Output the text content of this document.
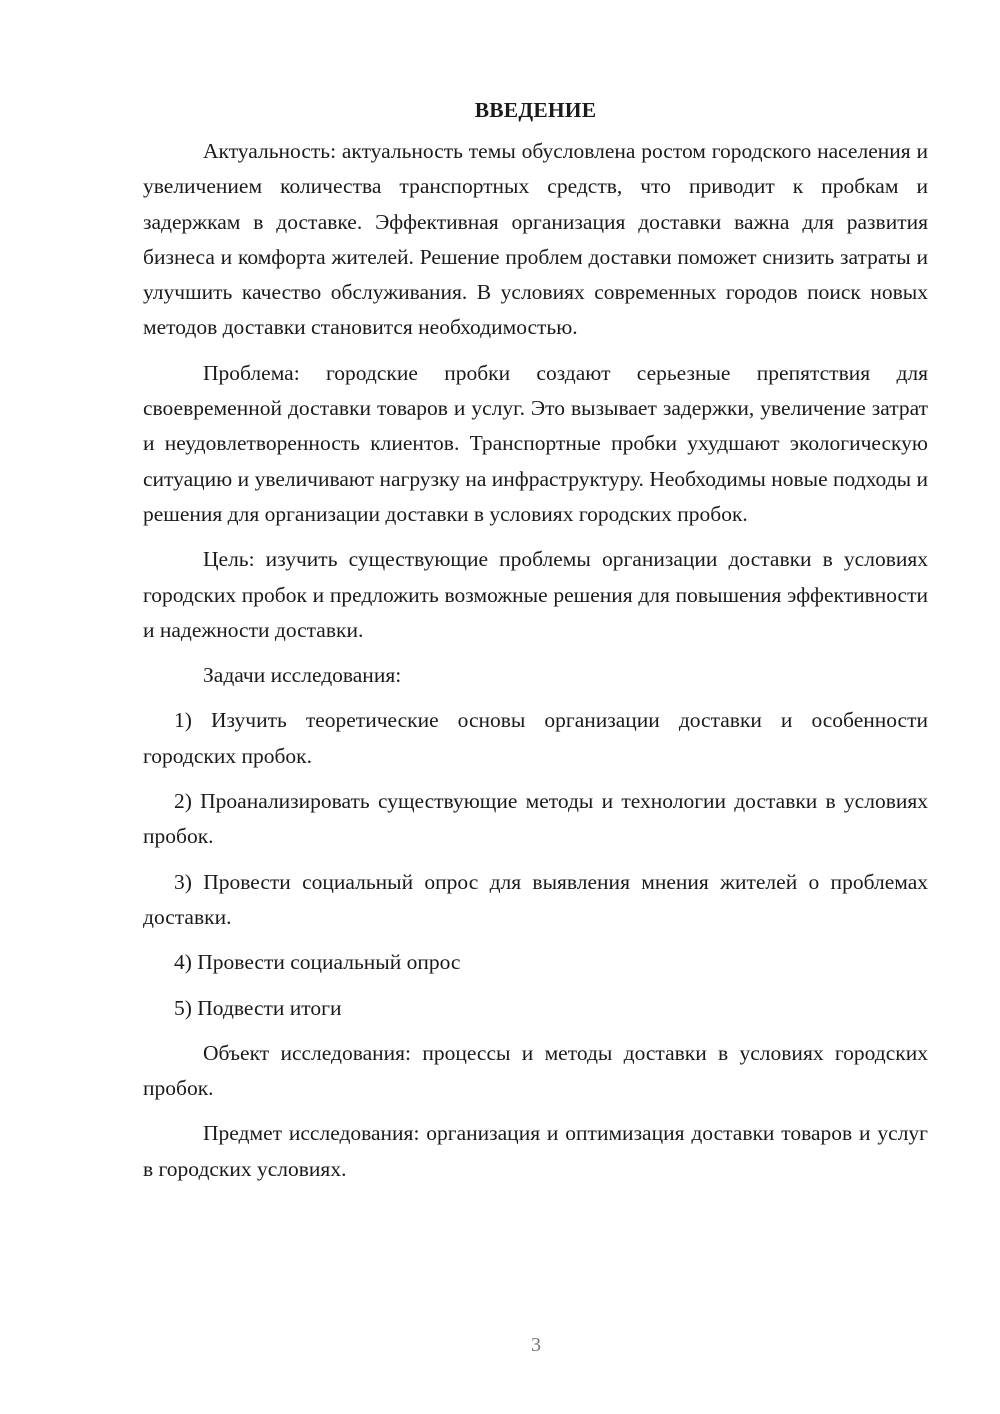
ВВЕДЕНИЕ

Актуальность: актуальность темы обусловлена ростом городского населения и увеличением количества транспортных средств, что приводит к пробкам и задержкам в доставке. Эффективная организация доставки важна для развития бизнеса и комфорта жителей. Решение проблем доставки поможет снизить затраты и улучшить качество обслуживания. В условиях современных городов поиск новых методов доставки становится необходимостью.

Проблема: городские пробки создают серьезные препятствия для своевременной доставки товаров и услуг. Это вызывает задержки, увеличение затрат и неудовлетворенность клиентов. Транспортные пробки ухудшают экологическую ситуацию и увеличивают нагрузку на инфраструктуру. Необходимы новые подходы и решения для организации доставки в условиях городских пробок.

Цель: изучить существующие проблемы организации доставки в условиях городских пробок и предложить возможные решения для повышения эффективности и надежности доставки.

Задачи исследования:

1) Изучить теоретические основы организации доставки и особенности городских пробок.

2) Проанализировать существующие методы и технологии доставки в условиях пробок.

3) Провести социальный опрос для выявления мнения жителей о проблемах доставки.

4) Провести социальный опрос

5) Подвести итоги

Объект исследования: процессы и методы доставки в условиях городских пробок.

Предмет исследования: организация и оптимизация доставки товаров и услуг в городских условиях.

3
